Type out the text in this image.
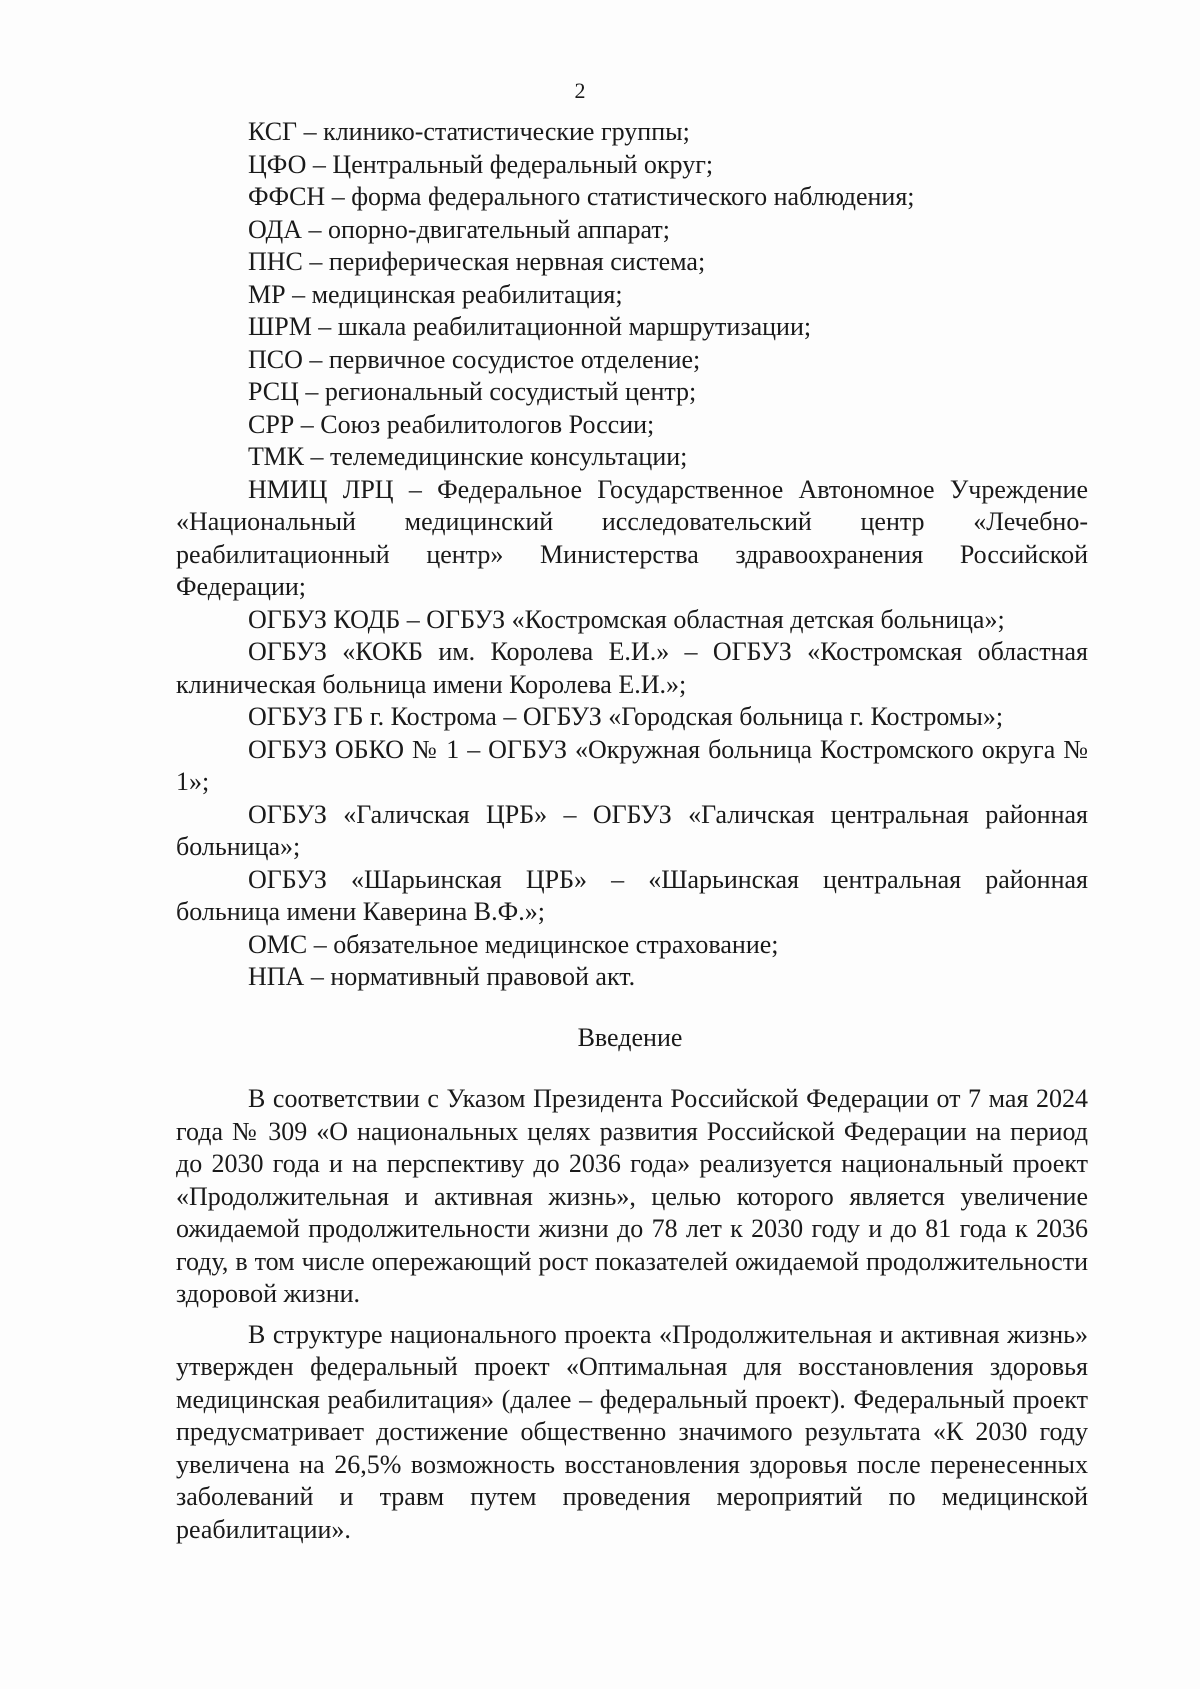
2

КСГ – клинико-статистические группы;

ЦФО – Центральный федеральный округ;

ФФСН – форма федерального статистического наблюдения;

ОДА – опорно-двигательный аппарат;

ПНС – периферическая нервная система;

МР – медицинская реабилитация;

ШРМ – шкала реабилитационной маршрутизации;

ПСО – первичное сосудистое отделение;

РСЦ – региональный сосудистый центр;

СРР – Союз реабилитологов России;

ТМК – телемедицинские консультации;

НМИЦ ЛРЦ – Федеральное Государственное Автономное Учреждение «Национальный медицинский исследовательский центр «Лечебно-реабилитационный центр» Министерства здравоохранения Российской Федерации;

ОГБУЗ КОДБ – ОГБУЗ «Костромская областная детская больница»;

ОГБУЗ «КОКБ им. Королева Е.И.» – ОГБУЗ «Костромская областная клиническая больница имени Королева Е.И.»;

ОГБУЗ ГБ г. Кострома – ОГБУЗ «Городская больница г. Костромы»;

ОГБУЗ ОБКО № 1 – ОГБУЗ «Окружная больница Костромского округа № 1»;

ОГБУЗ «Галичская ЦРБ» – ОГБУЗ «Галичская центральная районная больница»;

ОГБУЗ «Шарьинская ЦРБ» – «Шарьинская центральная районная больница имени Каверина В.Ф.»;

ОМС – обязательное медицинское страхование;

НПА – нормативный правовой акт.

Введение

В соответствии с Указом Президента Российской Федерации от 7 мая 2024 года № 309 «О национальных целях развития Российской Федерации на период до 2030 года и на перспективу до 2036 года» реализуется национальный проект «Продолжительная и активная жизнь», целью которого является увеличение ожидаемой продолжительности жизни до 78 лет к 2030 году и до 81 года к 2036 году, в том числе опережающий рост показателей ожидаемой продолжительности здоровой жизни.

В структуре национального проекта «Продолжительная и активная жизнь» утвержден федеральный проект «Оптимальная для восстановления здоровья медицинская реабилитация» (далее – федеральный проект). Федеральный проект предусматривает достижение общественно значимого результата «К 2030 году увеличена на 26,5% возможность восстановления здоровья после перенесенных заболеваний и травм путем проведения мероприятий по медицинской реабилитации».
